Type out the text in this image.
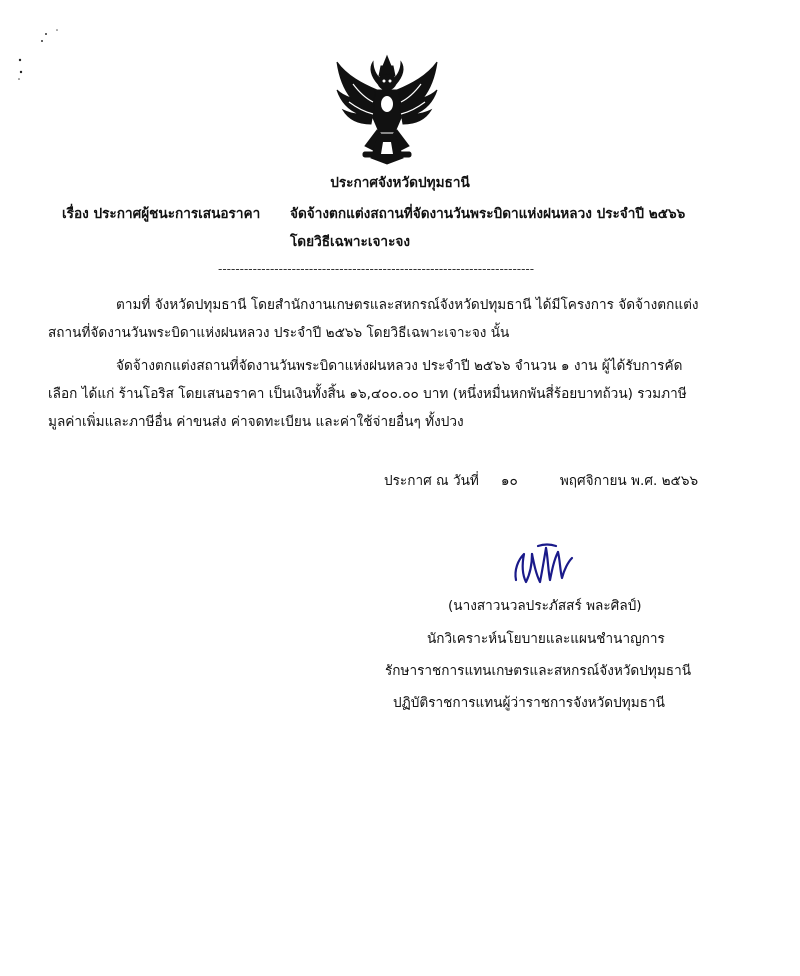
ประกาศจังหวัดปทุมธานี
เรื่อง ประกาศผู้ชนะการเสนอราคา จัดจ้างตกแต่งสถานที่จัดงานวันพระบิดาแห่งฝนหลวง ประจำปี ๒๕๖๖
โดยวิธีเฉพาะเจาะจง
-------------------------------------------------------------------------
ตามที่ จังหวัดปทุมธานี โดยสำนักงานเกษตรและสหกรณ์จังหวัดปทุมธานี ได้มีโครงการ จัดจ้างตกแต่ง
สถานที่จัดงานวันพระบิดาแห่งฝนหลวง ประจำปี ๒๕๖๖ โดยวิธีเฉพาะเจาะจง นั้น
จัดจ้างตกแต่งสถานที่จัดงานวันพระบิดาแห่งฝนหลวง ประจำปี ๒๕๖๖ จำนวน ๑ งาน ผู้ได้รับการคัด
เลือก ได้แก่ ร้านโอริส โดยเสนอราคา เป็นเงินทั้งสิ้น ๑๖,๔๐๐.๐๐ บาท (หนึ่งหมื่นหกพันสี่ร้อยบาทถ้วน) รวมภาษี
มูลค่าเพิ่มและภาษีอื่น ค่าขนส่ง ค่าจดทะเบียน และค่าใช้จ่ายอื่นๆ ทั้งปวง
ประกาศ ณ วันที่ ๑๐	พฤศจิกายน พ.ศ. ๒๕๖๖
(นางสาวนวลประภัสสร์ พละศิลป์)
นักวิเคราะห์นโยบายและแผนชำนาญการ
รักษาราชการแทนเกษตรและสหกรณ์จังหวัดปทุมธานี
ปฏิบัติราชการแทนผู้ว่าราชการจังหวัดปทุมธานี
